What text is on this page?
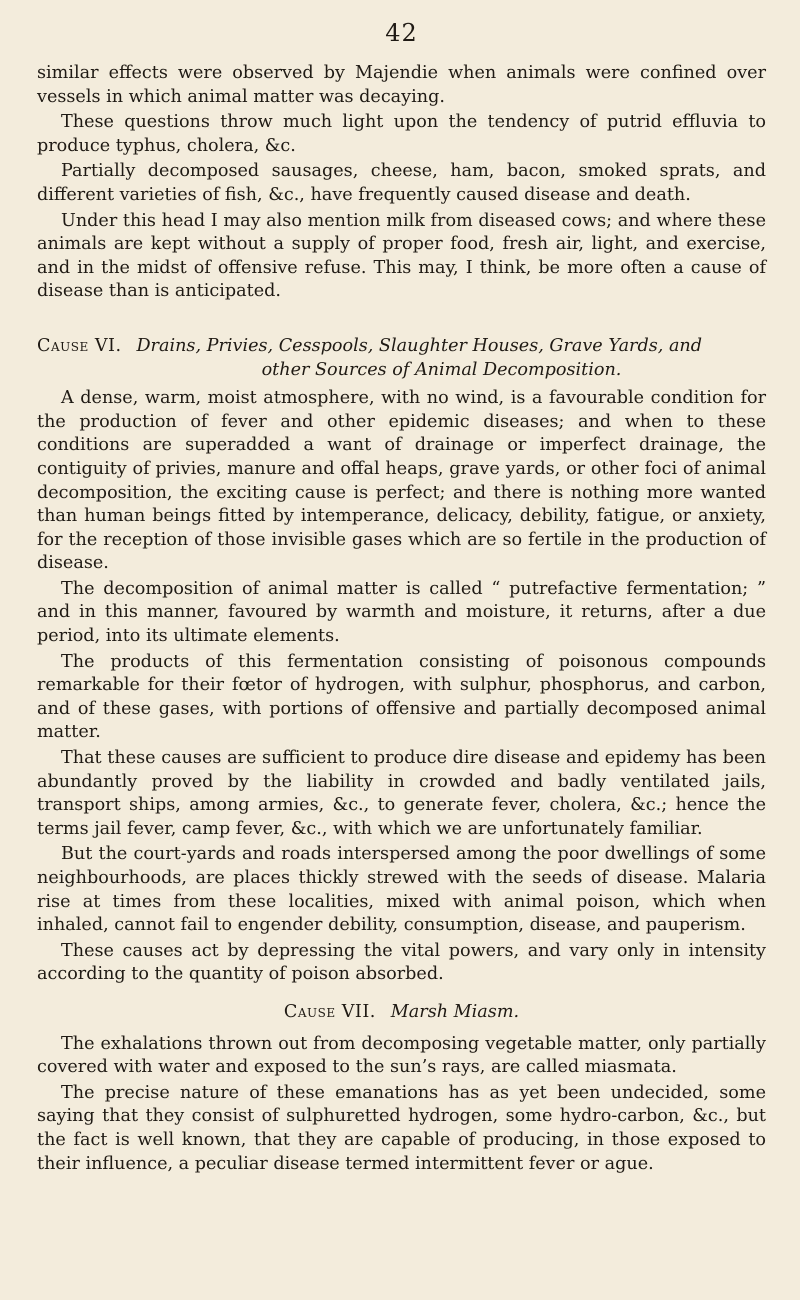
42

similar effects were observed by Majendie when animals were confined over vessels in which animal matter was decaying.

These questions throw much light upon the tendency of putrid effluvia to produce typhus, cholera, &c.

Partially decomposed sausages, cheese, ham, bacon, smoked sprats, and different varieties of fish, &c., have frequently caused disease and death.

Under this head I may also mention milk from diseased cows; and where these animals are kept without a supply of proper food, fresh air, light, and exercise, and in the midst of offensive refuse. This may, I think, be more often a cause of disease than is anticipated.

Cause VI.  Drains, Privies, Cesspools, Slaughter Houses, Grave Yards, and
other Sources of Animal Decomposition.

A dense, warm, moist atmosphere, with no wind, is a favourable condition for the production of fever and other epidemic diseases; and when to these conditions are superadded a want of drainage or imperfect drainage, the contiguity of privies, manure and offal heaps, grave yards, or other foci of animal decomposition, the exciting cause is perfect; and there is nothing more wanted than human beings fitted by intemperance, delicacy, debility, fatigue, or anxiety, for the reception of those invisible gases which are so fertile in the production of disease.

The decomposition of animal matter is called “ putrefactive fermentation; ” and in this manner, favoured by warmth and moisture, it returns, after a due period, into its ultimate elements.

The products of this fermentation consisting of poisonous compounds remarkable for their fœtor of hydrogen, with sulphur, phosphorus, and carbon, and of these gases, with portions of offensive and partially decomposed animal matter.

That these causes are sufficient to produce dire disease and epidemy has been abundantly proved by the liability in crowded and badly ventilated jails, transport ships, among armies, &c., to generate fever, cholera, &c.; hence the terms jail fever, camp fever, &c., with which we are unfortunately familiar.

But the court-yards and roads interspersed among the poor dwellings of some neighbourhoods, are places thickly strewed with the seeds of disease. Malaria rise at times from these localities, mixed with animal poison, which when inhaled, cannot fail to engender debility, consumption, disease, and pauperism.

These causes act by depressing the vital powers, and vary only in intensity according to the quantity of poison absorbed.

Cause VII.  Marsh Miasm.

The exhalations thrown out from decomposing vegetable matter, only partially covered with water and exposed to the sun’s rays, are called miasmata.

The precise nature of these emanations has as yet been undecided, some saying that they consist of sulphuretted hydrogen, some hydro-carbon, &c., but the fact is well known, that they are capable of producing, in those exposed to their influence, a peculiar disease termed intermittent fever or ague.
